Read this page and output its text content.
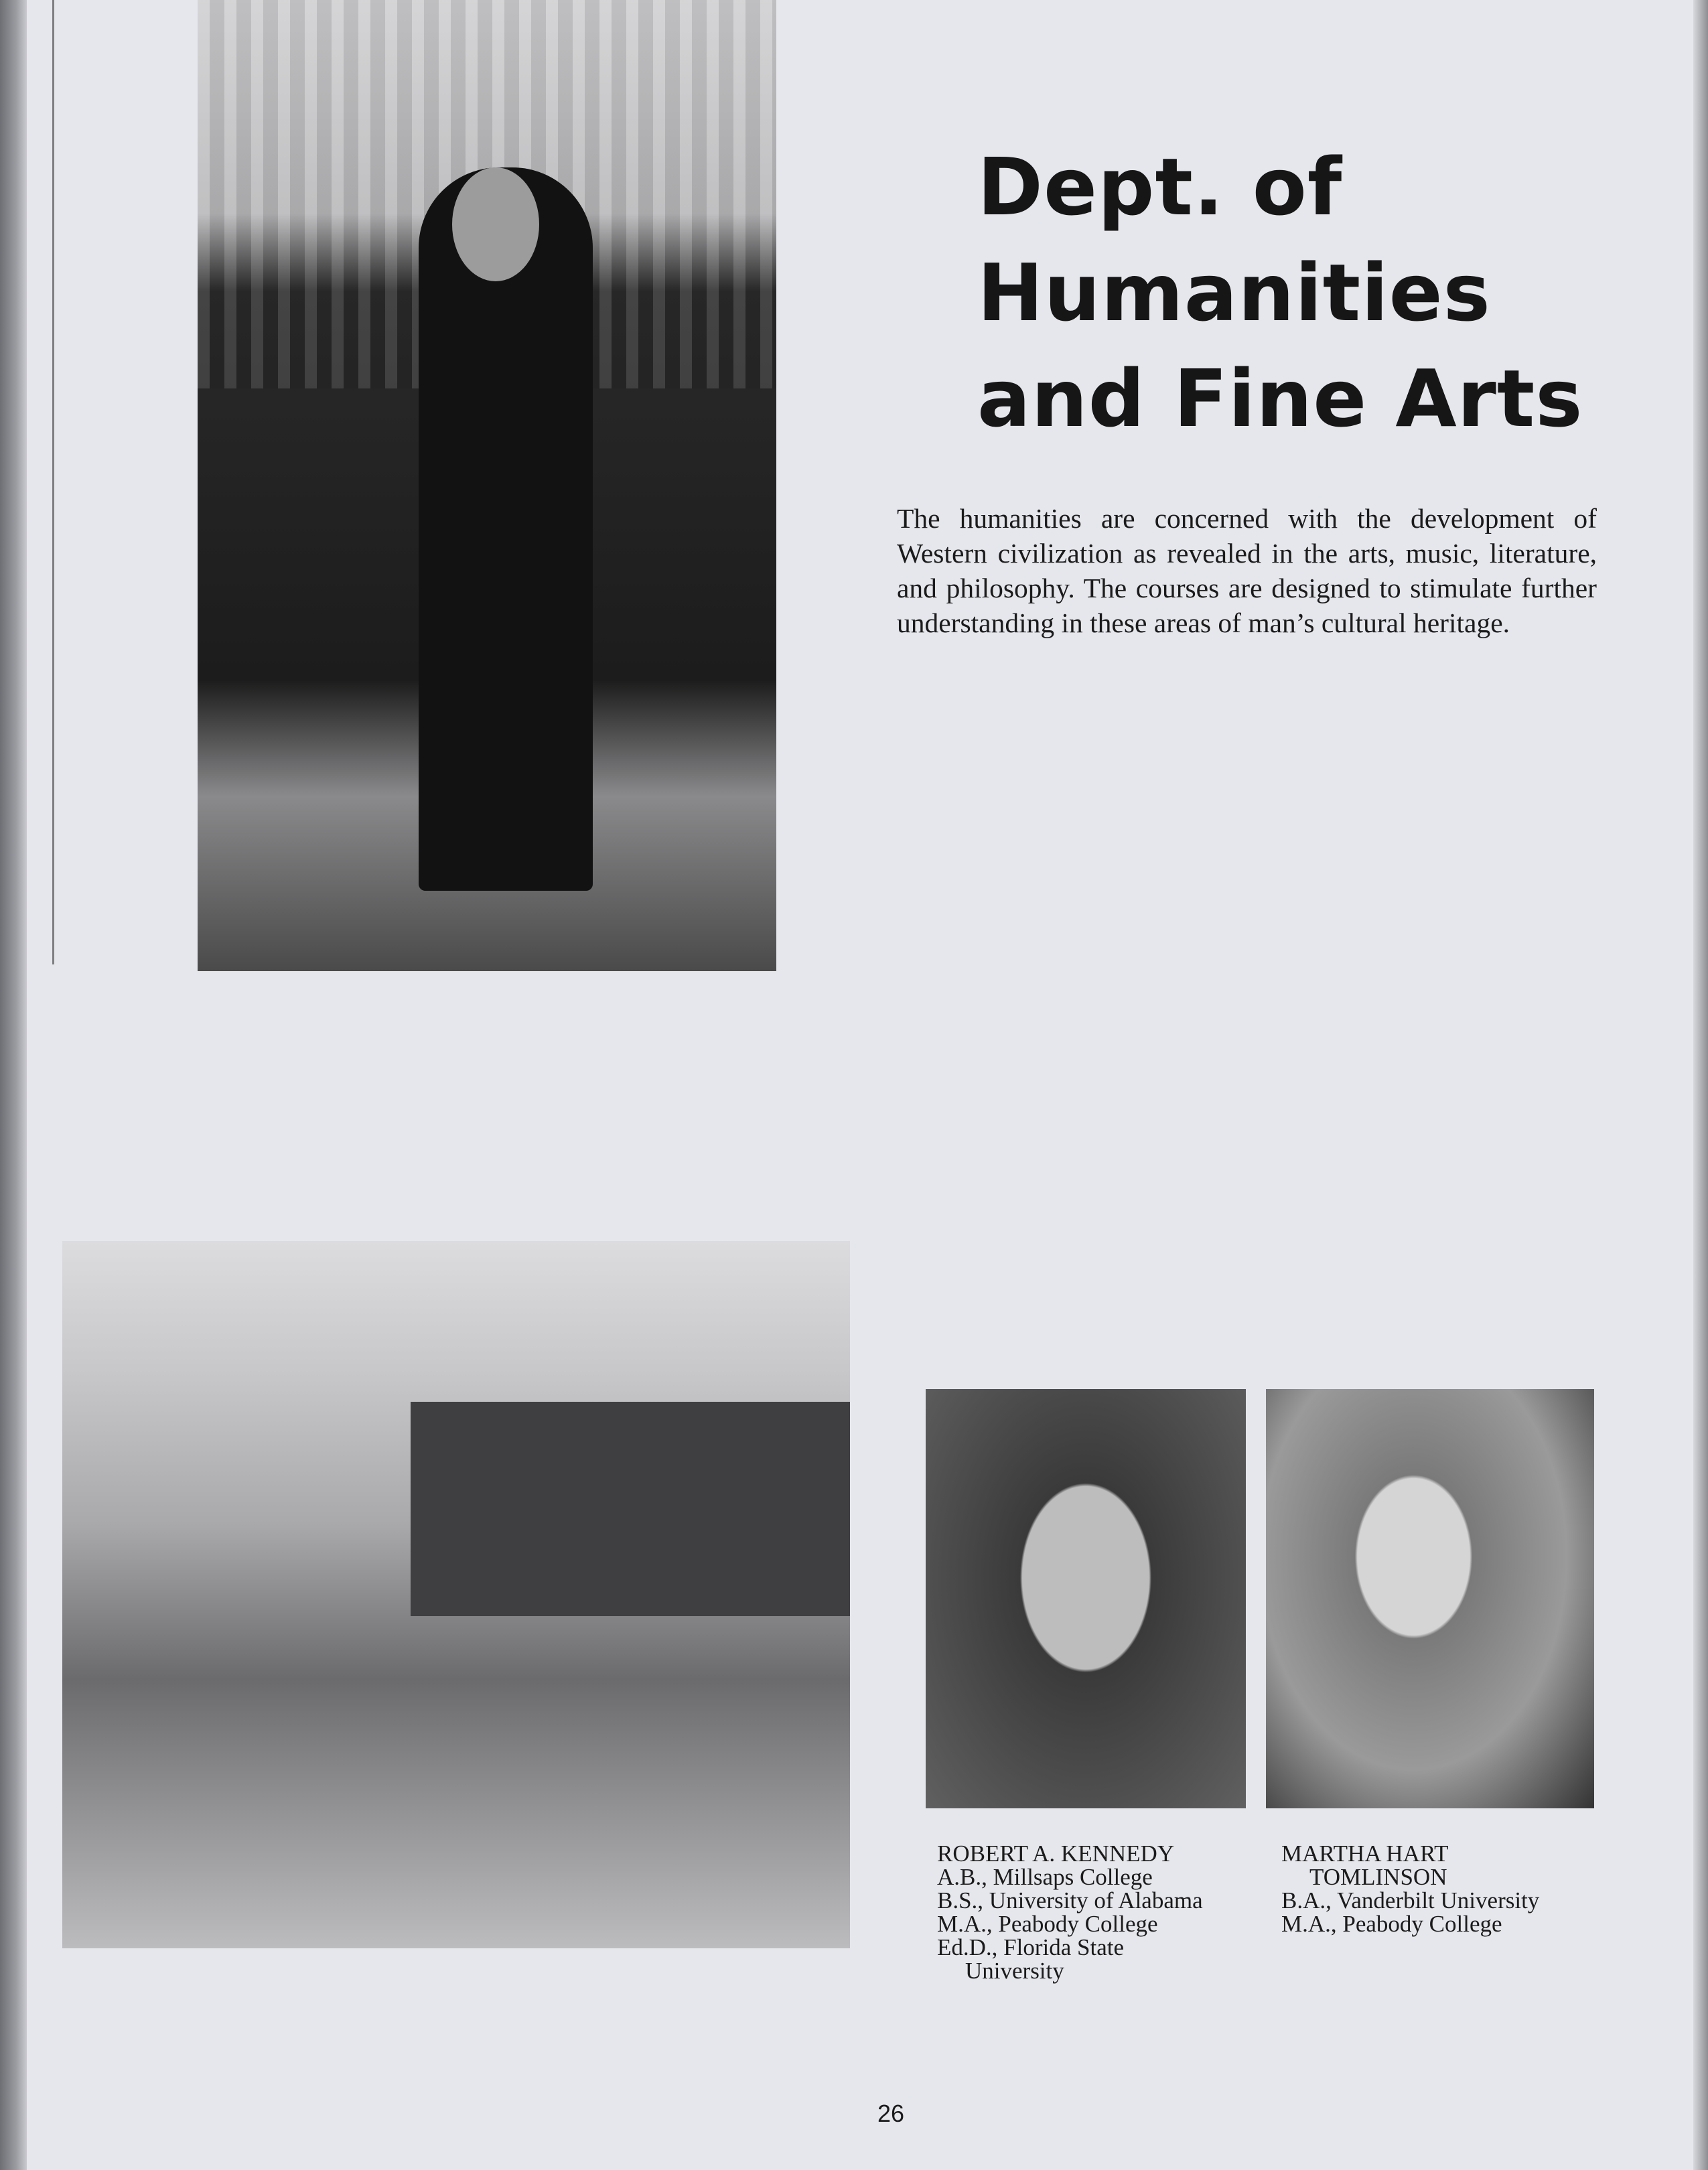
Dept. of
Humanities
and Fine Arts
The humanities are concerned with the development of Western civilization as revealed in the arts, music, literature, and philosophy. The courses are designed to stimulate further understanding in these areas of man’s cultural heritage.
ROBERT A. KENNEDY
A.B., Millsaps College
B.S., University of Alabama
M.A., Peabody College
Ed.D., Florida State
University
MARTHA HART
TOMLINSON
B.A., Vanderbilt University
M.A., Peabody College
26
